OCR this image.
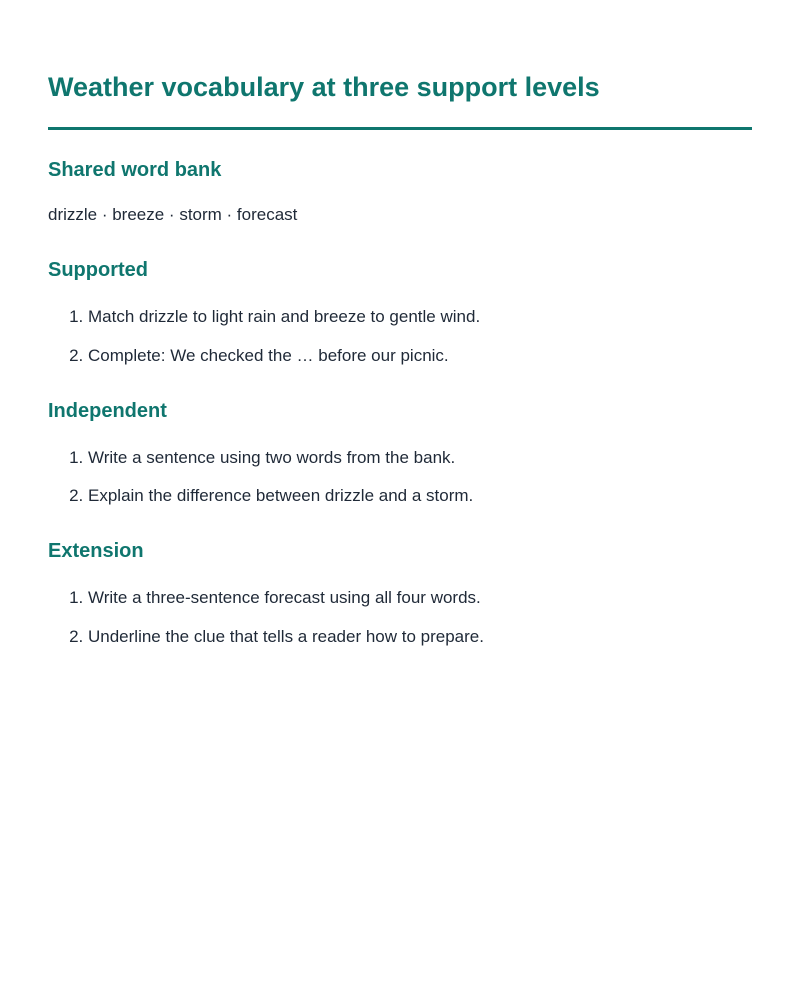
Weather vocabulary at three support levels
Shared word bank

drizzle · breeze · storm · forecast

Supported
1. Match drizzle to light rain and breeze to gentle wind.
2. Complete: We checked the … before our picnic.
Independent
1. Write a sentence using two words from the bank.
2. Explain the difference between drizzle and a storm.
Extension
1. Write a three-sentence forecast using all four words.
2. Underline the clue that tells a reader how to prepare.
